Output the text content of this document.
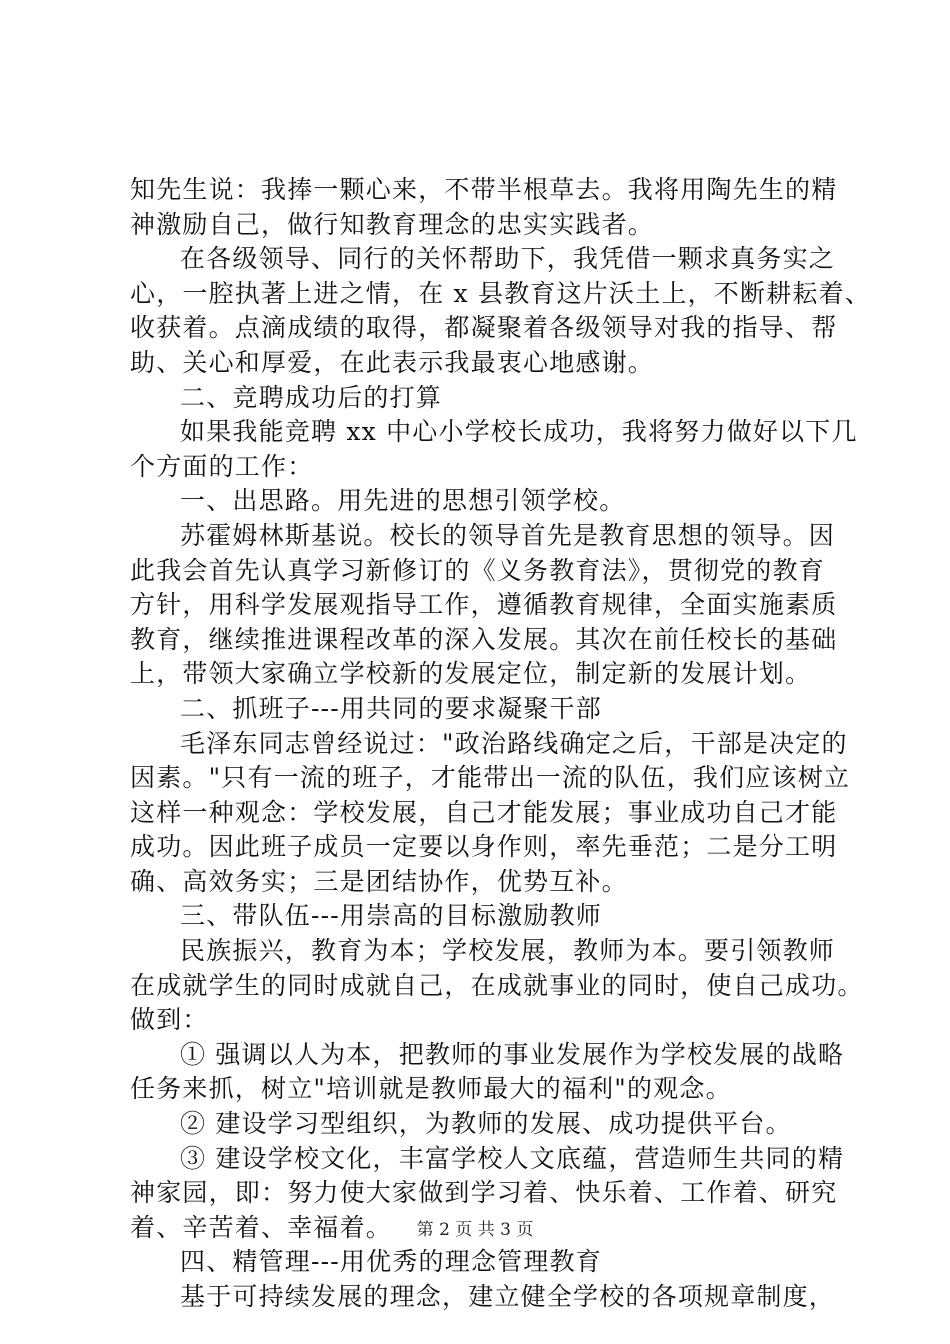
知先生说：我捧一颗心来，不带半根草去。我将用陶先生的精
神激励自己，做行知教育理念的忠实实践者。
在各级领导、同行的关怀帮助下，我凭借一颗求真务实之
心，一腔执著上进之情，在 x 县教育这片沃土上，不断耕耘着、
收获着。点滴成绩的取得，都凝聚着各级领导对我的指导、帮
助、关心和厚爱，在此表示我最衷心地感谢。
二、竞聘成功后的打算
如果我能竞聘 xx 中心小学校长成功，我将努力做好以下几
个方面的工作：
一、出思路。用先进的思想引领学校。
苏霍姆林斯基说。校长的领导首先是教育思想的领导。因
此我会首先认真学习新修订的《义务教育法》，贯彻党的教育
方针，用科学发展观指导工作，遵循教育规律，全面实施素质
教育，继续推进课程改革的深入发展。其次在前任校长的基础
上，带领大家确立学校新的发展定位，制定新的发展计划。
二、抓班子---用共同的要求凝聚干部
毛泽东同志曾经说过："政治路线确定之后，干部是决定的
因素。"只有一流的班子，才能带出一流的队伍，我们应该树立
这样一种观念：学校发展，自己才能发展；事业成功自己才能
成功。因此班子成员一定要以身作则，率先垂范；二是分工明
确、高效务实；三是团结协作，优势互补。
三、带队伍---用崇高的目标激励教师
民族振兴，教育为本；学校发展，教师为本。要引领教师
在成就学生的同时成就自己，在成就事业的同时，使自己成功。
做到：
① 强调以人为本，把教师的事业发展作为学校发展的战略
任务来抓，树立"培训就是教师最大的福利"的观念。
② 建设学习型组织，为教师的发展、成功提供平台。
③ 建设学校文化，丰富学校人文底蕴，营造师生共同的精
神家园，即：努力使大家做到学习着、快乐着、工作着、研究
着、辛苦着、幸福着。
四、精管理---用优秀的理念管理教育
基于可持续发展的理念，建立健全学校的各项规章制度，
第 2 页 共 3 页
